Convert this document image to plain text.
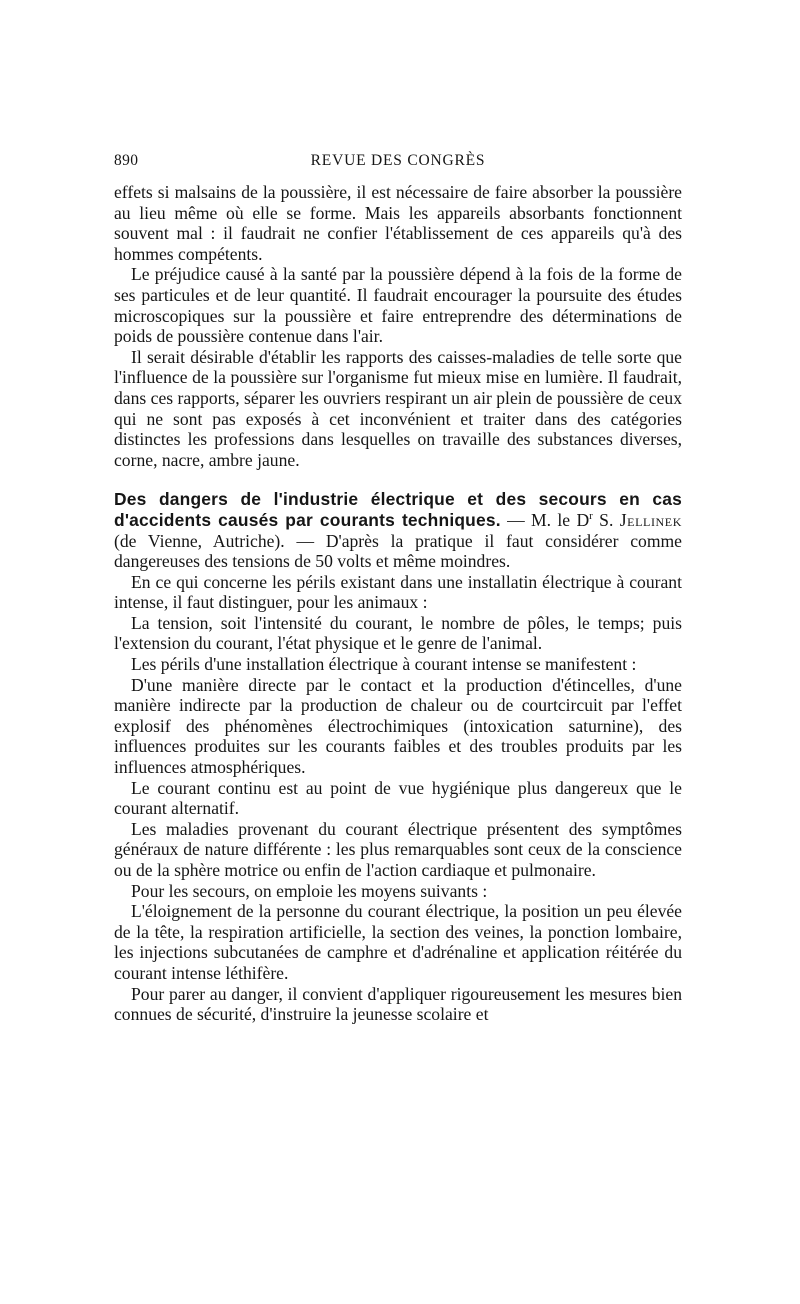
890	REVUE DES CONGRÈS

effets si malsains de la poussière, il est nécessaire de faire absorber la poussière au lieu même où elle se forme. Mais les appareils absorbants fonctionnent souvent mal : il faudrait ne confier l'établissement de ces appareils qu'à des hommes compétents.

Le préjudice causé à la santé par la poussière dépend à la fois de la forme de ses particules et de leur quantité. Il faudrait encourager la poursuite des études microscopiques sur la poussière et faire entreprendre des déterminations de poids de poussière contenue dans l'air.

Il serait désirable d'établir les rapports des caisses-maladies de telle sorte que l'influence de la poussière sur l'organisme fut mieux mise en lumière. Il faudrait, dans ces rapports, séparer les ouvriers respirant un air plein de poussière de ceux qui ne sont pas exposés à cet inconvénient et traiter dans des catégories distinctes les professions dans lesquelles on travaille des substances diverses, corne, nacre, ambre jaune.

Des dangers de l'industrie électrique et des secours en cas d'accidents causés par courants techniques. — M. le $D^r$ S. Jellinek (de Vienne, Autriche). — D'après la pratique il faut considérer comme dangereuses des tensions de 50 volts et même moindres.

En ce qui concerne les périls existant dans une installatin électrique à courant intense, il faut distinguer, pour les animaux :

La tension, soit l'intensité du courant, le nombre de pôles, le temps; puis l'extension du courant, l'état physique et le genre de l'animal.

Les périls d'une installation électrique à courant intense se manifestent :

D'une manière directe par le contact et la production d'étincelles, d'une manière indirecte par la production de chaleur ou de courtcircuit par l'effet explosif des phénomènes électrochimiques (intoxication saturnine), des influences produites sur les courants faibles et des troubles produits par les influences atmosphériques.

Le courant continu est au point de vue hygiénique plus dangereux que le courant alternatif.

Les maladies provenant du courant électrique présentent des symptômes généraux de nature différente : les plus remarquables sont ceux de la conscience ou de la sphère motrice ou enfin de l'action cardiaque et pulmonaire.

Pour les secours, on emploie les moyens suivants :

L'éloignement de la personne du courant électrique, la position un peu élevée de la tête, la respiration artificielle, la section des veines, la ponction lombaire, les injections subcutanées de camphre et d'adrénaline et application réitérée du courant intense léthifère.

Pour parer au danger, il convient d'appliquer rigoureusement les mesures bien connues de sécurité, d'instruire la jeunesse scolaire et
